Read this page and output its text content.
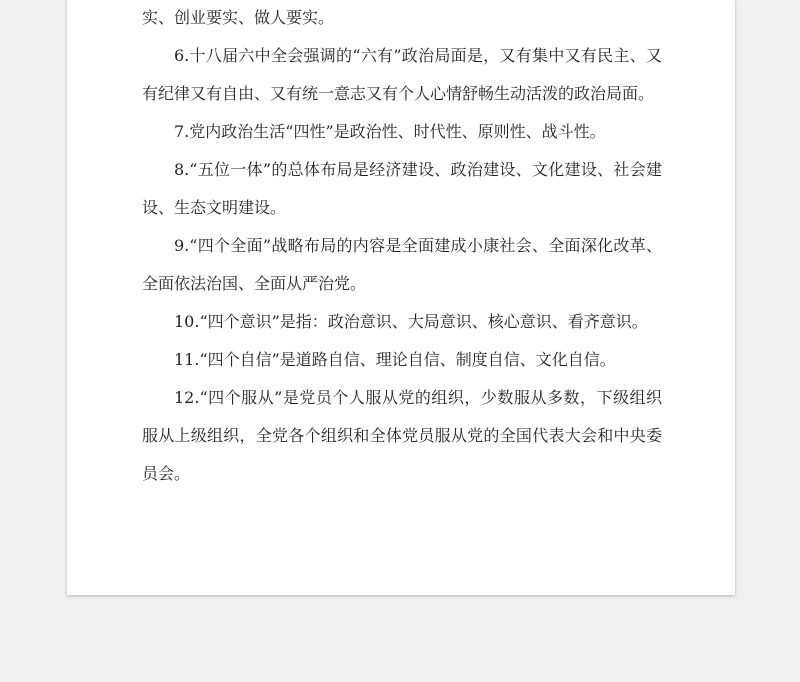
实、创业要实、做人要实。

6.十八届六中全会强调的“六有”政治局面是，又有集中又有民主、又有纪律又有自由、又有统一意志又有个人心情舒畅生动活泼的政治局面。

7.党内政治生活“四性”是政治性、时代性、原则性、战斗性。

8.“五位一体”的总体布局是经济建设、政治建设、文化建设、社会建设、生态文明建设。

9.“四个全面”战略布局的内容是全面建成小康社会、全面深化改革、全面依法治国、全面从严治党。

10.“四个意识”是指：政治意识、大局意识、核心意识、看齐意识。

11.“四个自信”是道路自信、理论自信、制度自信、文化自信。

12.“四个服从”是党员个人服从党的组织，少数服从多数，下级组织服从上级组织，全党各个组织和全体党员服从党的全国代表大会和中央委员会。
